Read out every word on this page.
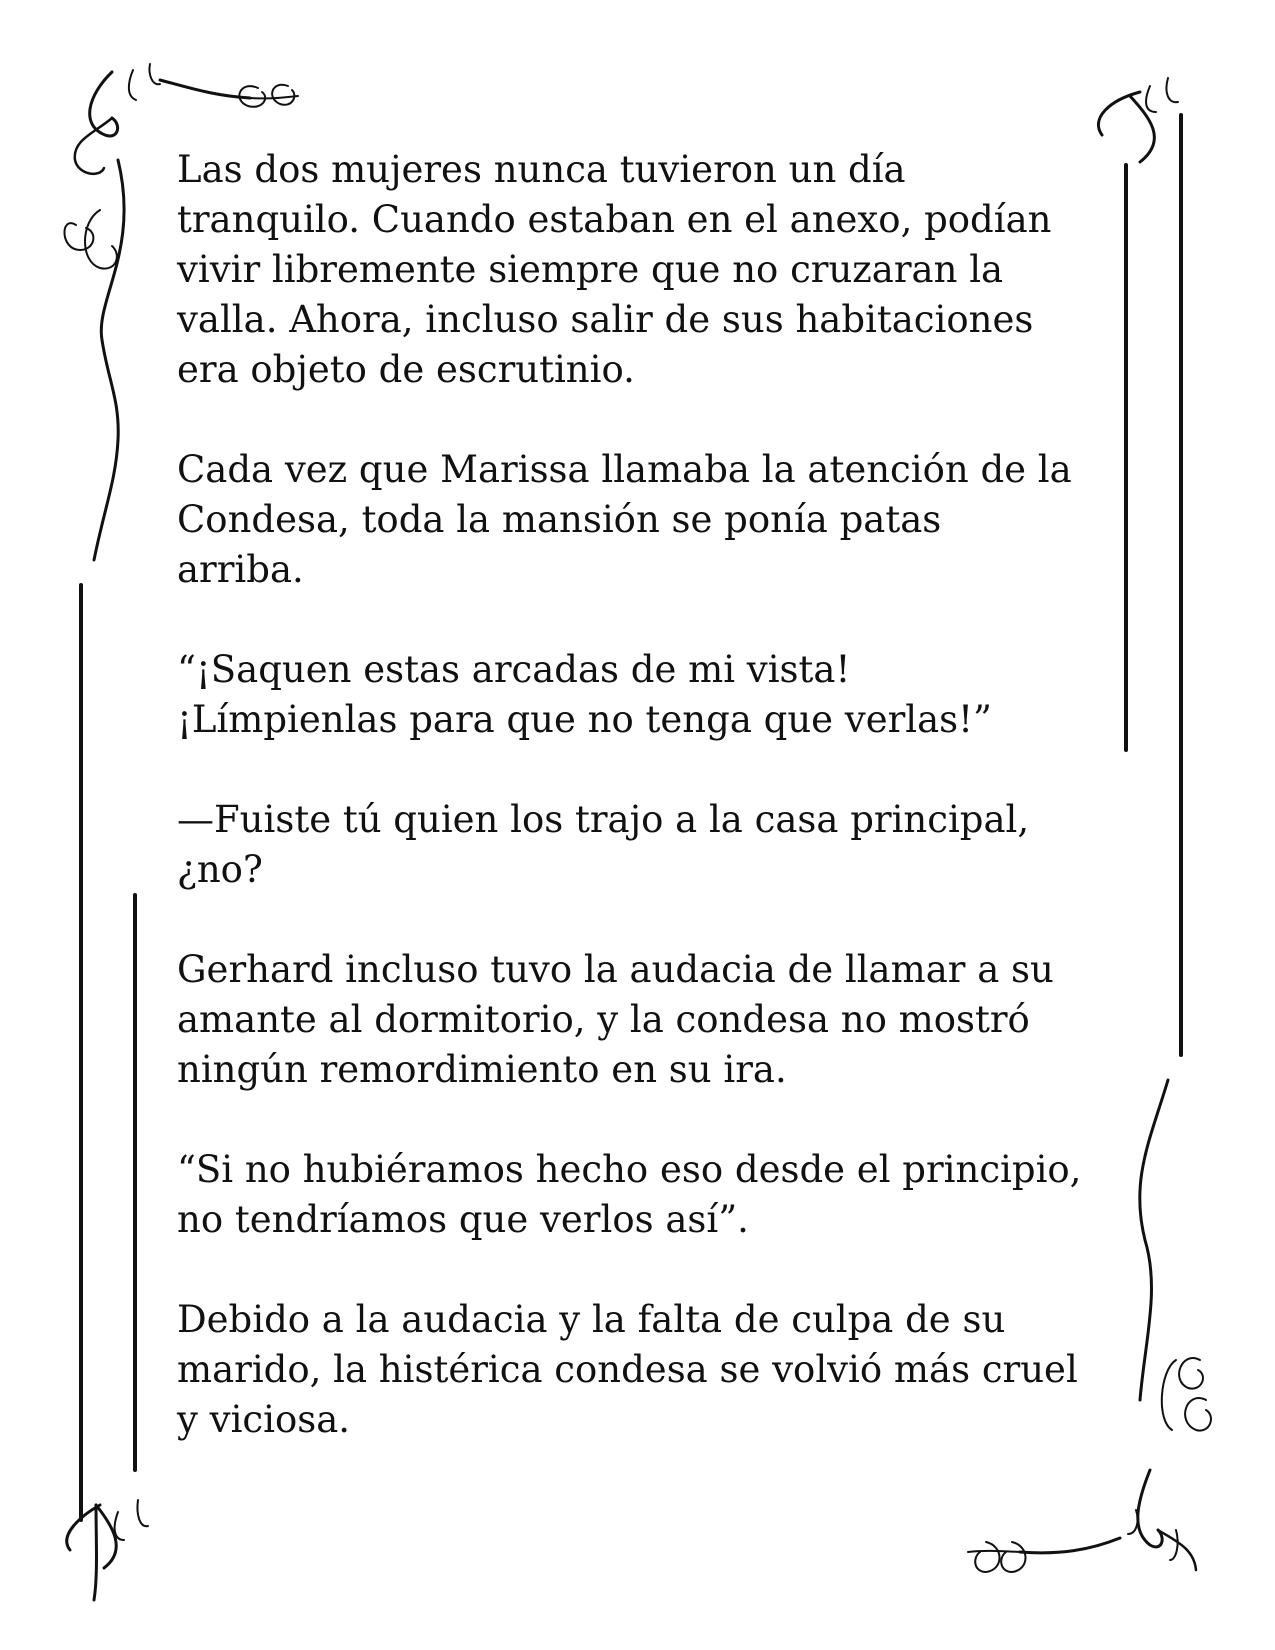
Las dos mujeres nunca tuvieron un día
tranquilo. Cuando estaban en el anexo, podían
vivir libremente siempre que no cruzaran la
valla. Ahora, incluso salir de sus habitaciones
era objeto de escrutinio.

Cada vez que Marissa llamaba la atención de la
Condesa, toda la mansión se ponía patas
arriba.

“¡Saquen estas arcadas de mi vista!
¡Límpienlas para que no tenga que verlas!”

—Fuiste tú quien los trajo a la casa principal,
¿no?

Gerhard incluso tuvo la audacia de llamar a su
amante al dormitorio, y la condesa no mostró
ningún remordimiento en su ira.

“Si no hubiéramos hecho eso desde el principio,
no tendríamos que verlos así”.

Debido a la audacia y la falta de culpa de su
marido, la histérica condesa se volvió más cruel
y viciosa.
